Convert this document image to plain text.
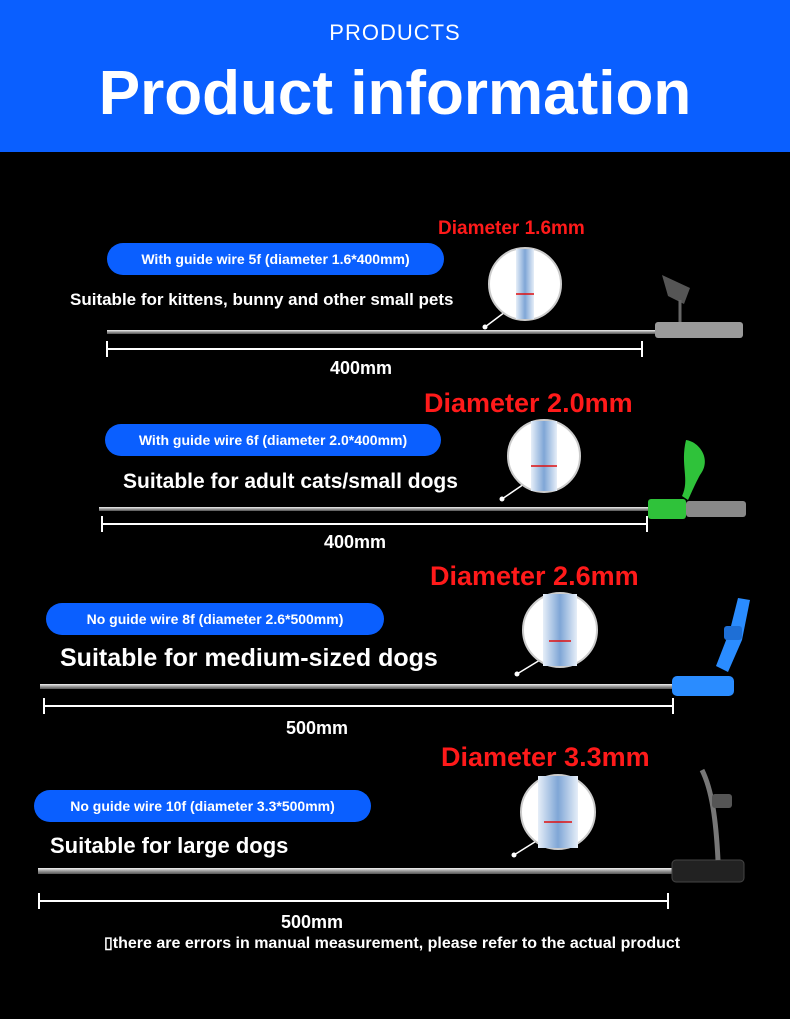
PRODUCTS
Product information
With guide wire 5f (diameter 1.6*400mm)
Diameter 1.6mm
Suitable for kittens, bunny and other small pets
400mm
With guide wire 6f (diameter 2.0*400mm)
Diameter 2.0mm
Suitable for adult cats/small dogs
400mm
No guide wire 8f (diameter 2.6*500mm)
Diameter 2.6mm
Suitable for medium-sized dogs
500mm
No guide wire 10f (diameter 3.3*500mm)
Diameter 3.3mm
Suitable for large dogs
500mm
▯there are errors in manual measurement, please refer to the actual product
